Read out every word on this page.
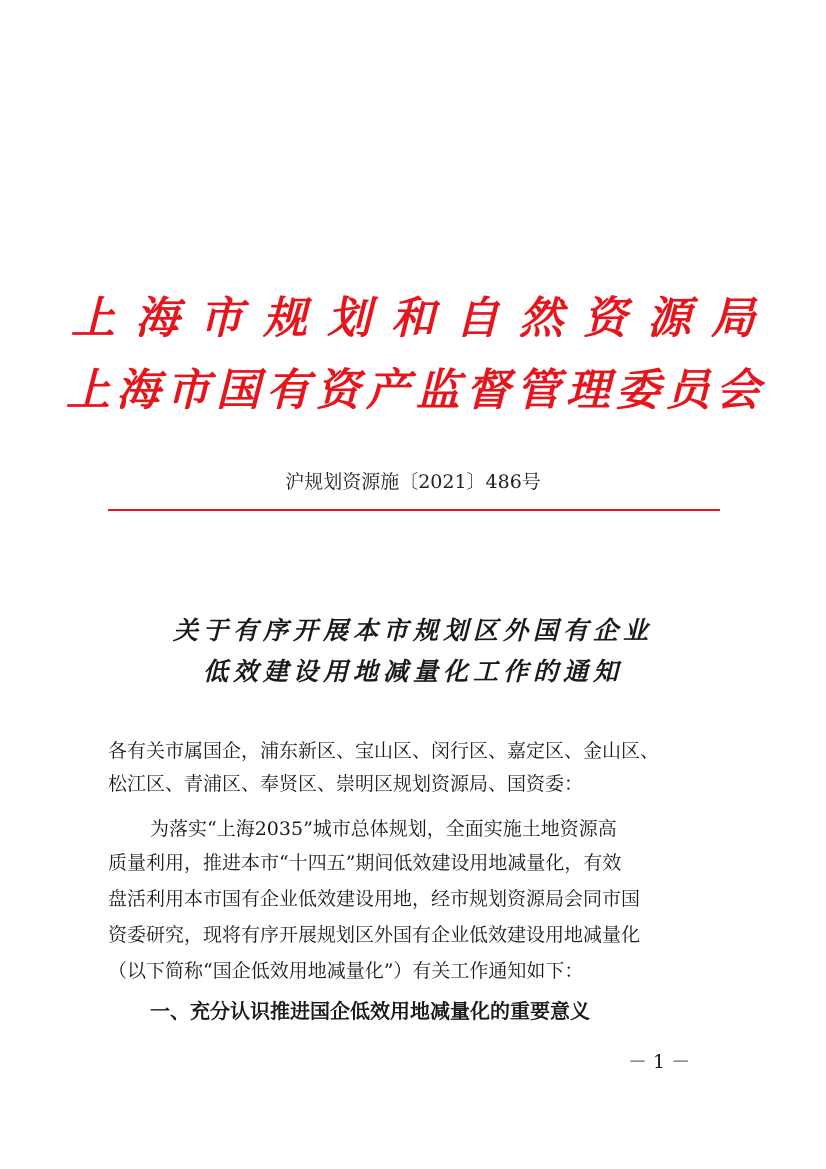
上海市规划和自然资源局
上海市国有资产监督管理委员会
沪规划资源施〔2021〕486号
关于有序开展本市规划区外国有企业
低效建设用地减量化工作的通知
各有关市属国企，浦东新区、宝山区、闵行区、嘉定区、金山区、
松江区、青浦区、奉贤区、崇明区规划资源局、国资委：
为落实“上海2035”城市总体规划，全面实施土地资源高
质量利用，推进本市“十四五”期间低效建设用地减量化，有效
盘活利用本市国有企业低效建设用地，经市规划资源局会同市国
资委研究，现将有序开展规划区外国有企业低效建设用地减量化
（以下简称“国企低效用地减量化”）有关工作通知如下：
一、充分认识推进国企低效用地减量化的重要意义
－ 1 －
